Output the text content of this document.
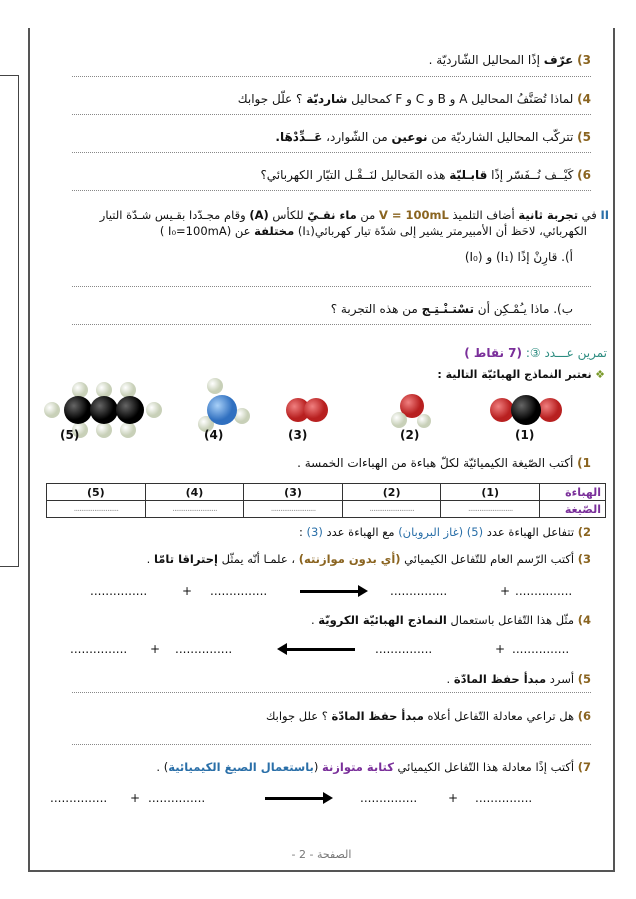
3) عرّف إذًا المحاليل الشّارديّة .
4) لماذا تُصَنَّفُ المحاليل A و B و C و F كمحاليل شارديّة ؟ علّل جوابك
5) تتركّب المحاليل الشارديّة من نوعين من الشّوارد، عَــدِّدْهَا.
6) كَيْــف نُــفَسّر إذًا قابـليّة هذه المَحاليل لنَــقْـل التيّار الكهربائي؟
II في تجربة ثانية أضاف التلميذ V = 100mL من ماء نقـيّ للكأس (A) وقام مجـدّدا بقـيس شـدّة التيار
الكهربائي، لاحَظ أن الأمبيرمتر يشير إلى شدّة تيار كهربائي(I₁) مختلفة عن (I₀=100mA )
أ). قارِنْ إذًا (I₁) و (I₀)
ب). ماذا يـُمْـكِن أن تسْتـنْـتِـج من هذه التجربة ؟
تمرين عـــدد ③: (7 نقاط )
❖ نعتبر النماذج الهبائيّة التالية :
(1)
(2)
(3)
(4)
(5)
1) أكتب الصّيغة الكيميائيّة لكلّ هباءة من الهباءات الخمسة .
الهباءة	(1)	(2)	(3)	(4)	(5)
الصّيغة	........................	........................	........................	........................	........................
2) تتفاعل الهباءة عدد (5) (غاز البروبان) مع الهباءة عدد (3) :
3) أكتب الرّسم العام للتّفاعل الكيميائي (أي بدون موازنته) ، علمـا أنّه يمثّل إحتراقا تامّا .
...............	+ ...............	...............	+ ...............
4) مثّل هذا التّفاعل باستعمال النماذج الهبائيّة الكرويّة .
............... + ...............	...............	+ ...............
5) أسرد مبدأ حفظ المادّة .
6) هل تراعي معادلة التّفاعل أعلاه مبدأ حفظ المادّة ؟ علل جوابك
7) أكتب إذًا معادلة هذا التّفاعل الكيميائي كتابة متوازنة (باستعمال الصيغ الكيميائية) .
............... + ...............	...............	+ ...............
الصفحة - 2 -
